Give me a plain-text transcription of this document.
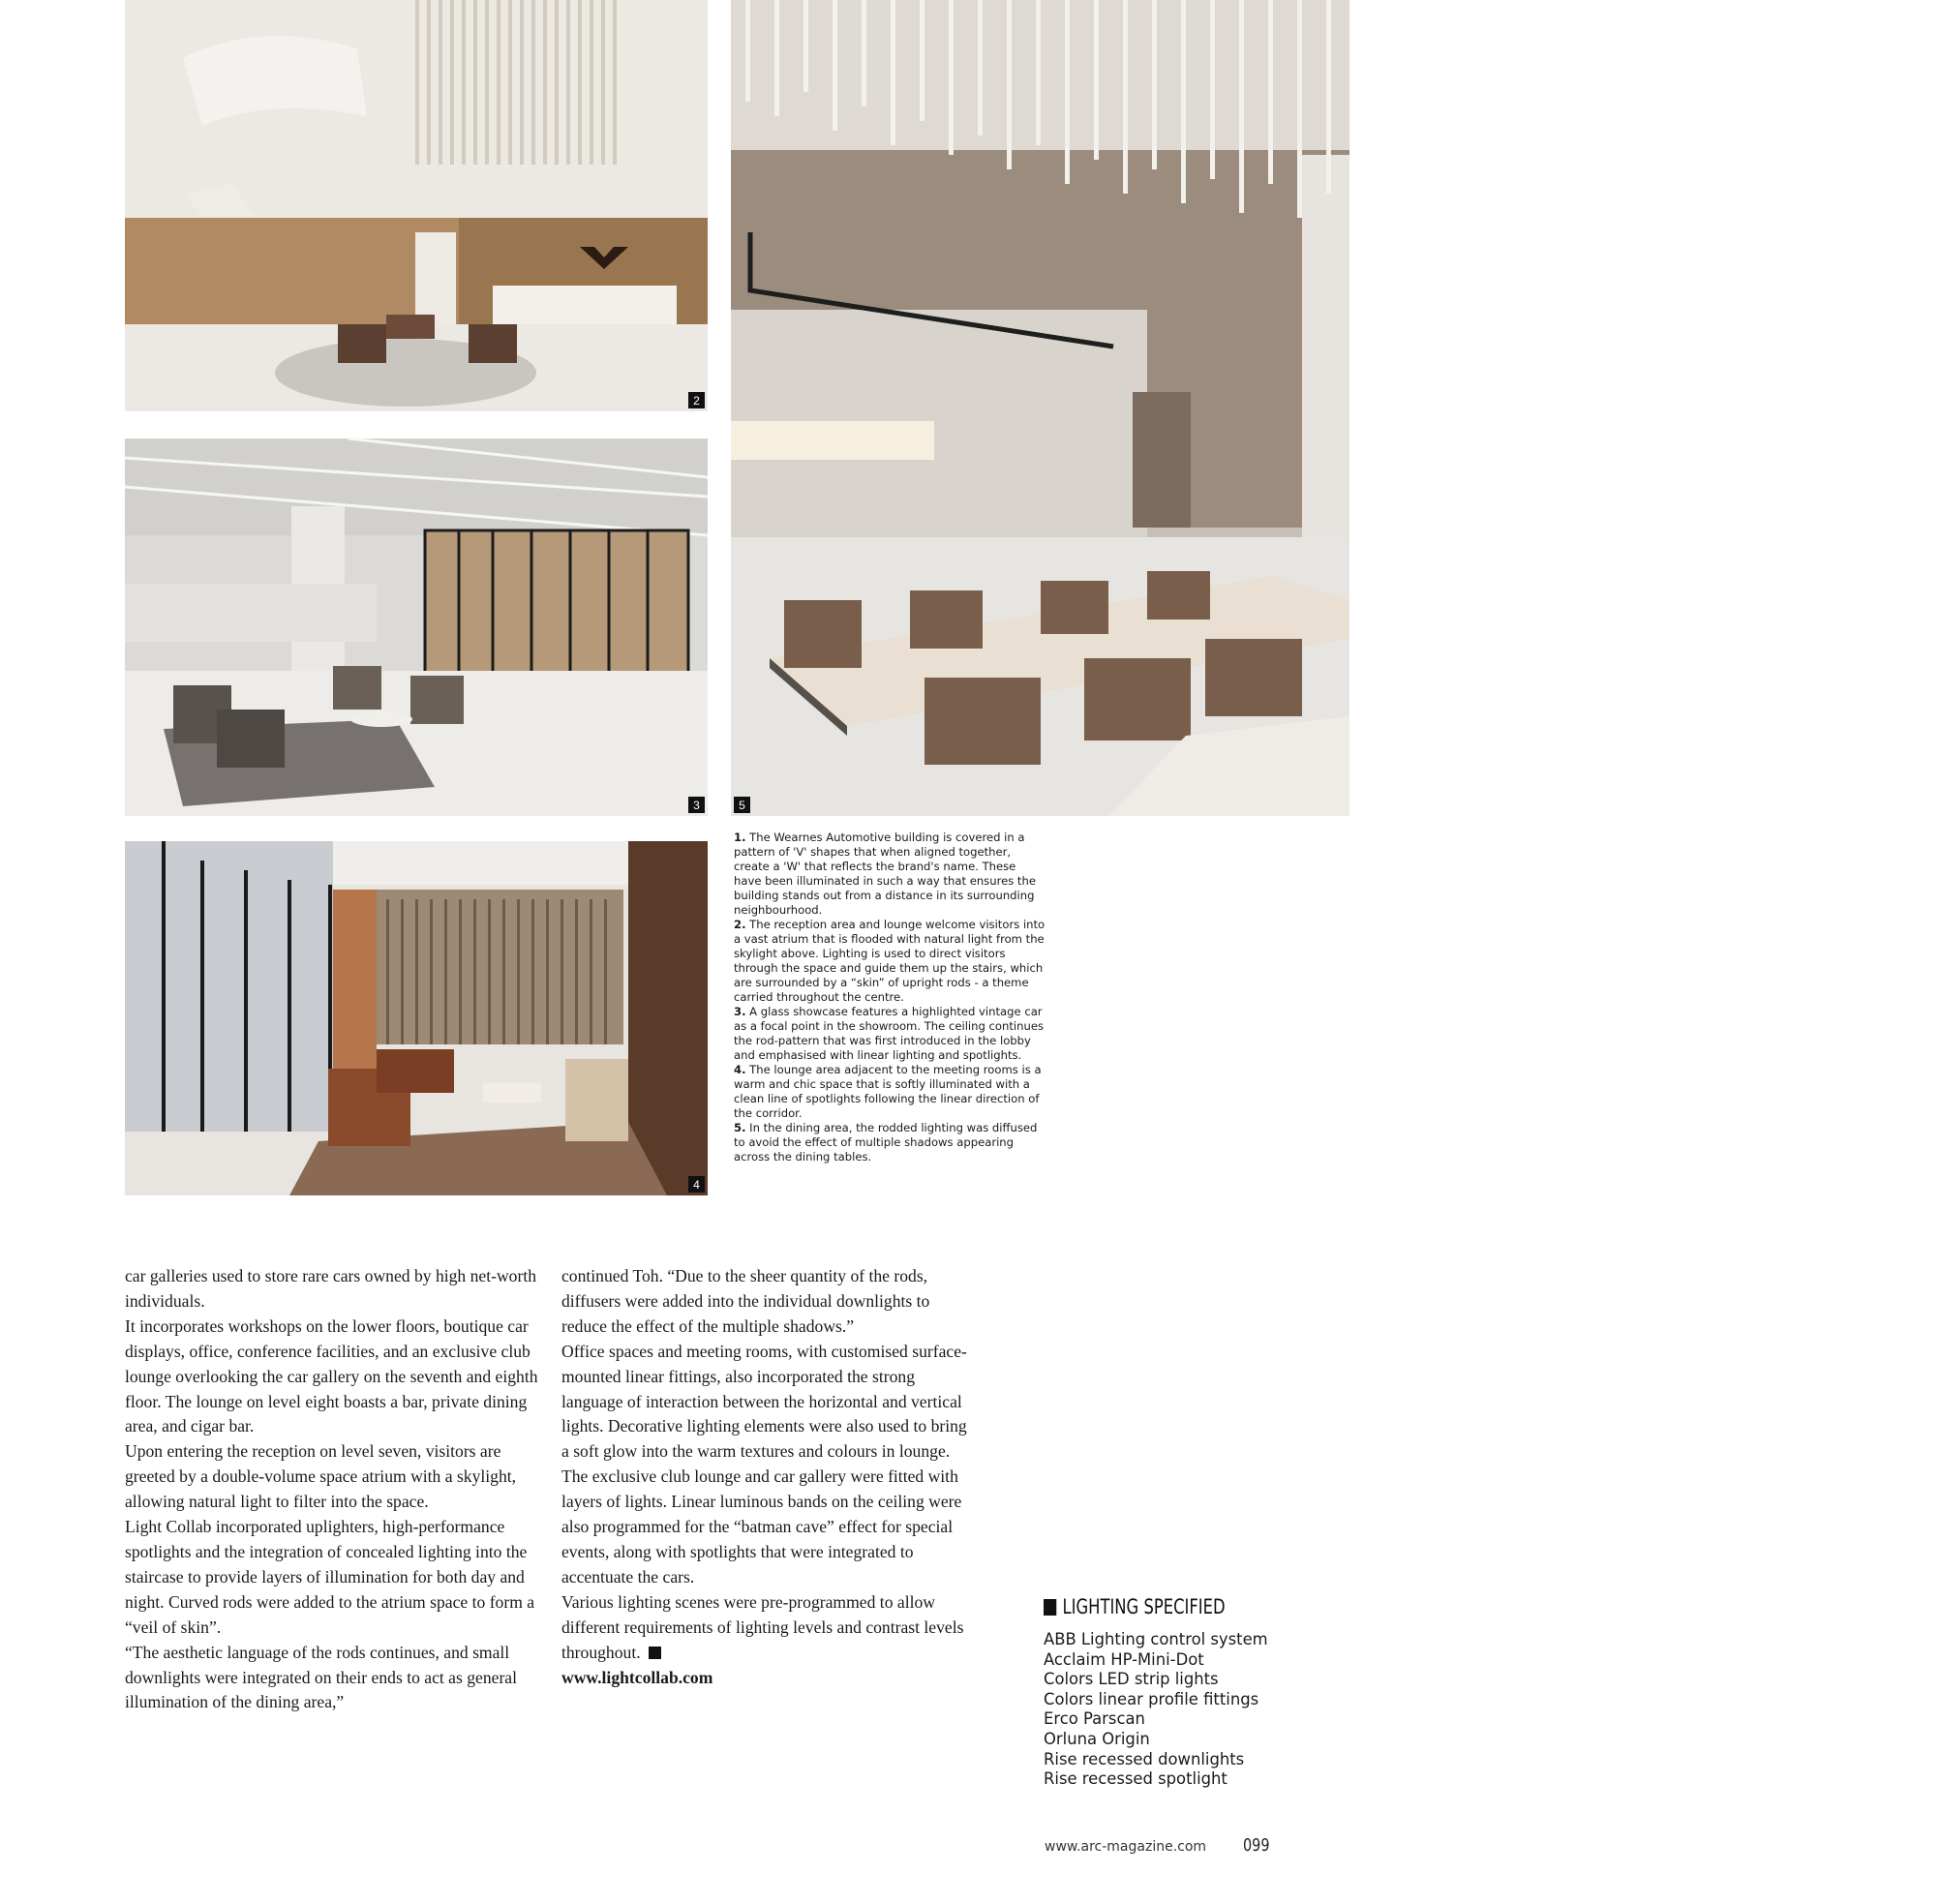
2
3
4
FAR EAST FOCUS
5

1. The Wearnes Automotive building is covered in a pattern of 'V' shapes that when aligned together, create a 'W' that reflects the brand's name. These have been illuminated in such a way that ensures the building stands out from a distance in its surrounding neighbourhood.

2. The reception area and lounge welcome visitors into a vast atrium that is flooded with natural light from the skylight above. Lighting is used to direct visitors through the space and guide them up the stairs, which are surrounded by a “skin” of upright rods - a theme carried throughout the centre.

3. A glass showcase features a highlighted vintage car as a focal point in the showroom. The ceiling continues the rod-pattern that was first introduced in the lobby and emphasised with linear lighting and spotlights.

4. The lounge area adjacent to the meeting rooms is a warm and chic space that is softly illuminated with a clean line of spotlights following the linear direction of the corridor.

5. In the dining area, the rodded lighting was diffused to avoid the effect of multiple shadows appearing across the dining tables.

car galleries used to store rare cars owned by high net-worth individuals.

It incorporates workshops on the lower floors, boutique car displays, office, conference facilities, and an exclusive club lounge overlooking the car gallery on the seventh and eighth floor. The lounge on level eight boasts a bar, private dining area, and cigar bar.

Upon entering the reception on level seven, visitors are greeted by a double-volume space atrium with a skylight, allowing natural light to filter into the space.

Light Collab incorporated uplighters, high-performance spotlights and the integration of concealed lighting into the staircase to provide layers of illumination for both day and night. Curved rods were added to the atrium space to form a “veil of skin”.

“The aesthetic language of the rods continues, and small downlights were integrated on their ends to act as general illumination of the dining area,”

continued Toh. “Due to the sheer quantity of the rods, diffusers were added into the individual downlights to reduce the effect of the multiple shadows.”

Office spaces and meeting rooms, with customised surface-mounted linear fittings, also incorporated the strong language of interaction between the horizontal and vertical lights. Decorative lighting elements were also used to bring a soft glow into the warm textures and colours in lounge.

The exclusive club lounge and car gallery were fitted with layers of lights. Linear luminous bands on the ceiling were also programmed for the “batman cave” effect for special events, along with spotlights that were integrated to accentuate the cars.

Various lighting scenes were pre-programmed to allow different requirements of lighting levels and contrast levels throughout.

www.lightcollab.com

LIGHTING SPECIFIED
ABB Lighting control system
Acclaim HP-Mini-Dot
Colors LED strip lights
Colors linear profile fittings
Erco Parscan
Orluna Origin
Rise recessed downlights
Rise recessed spotlight
www.arc-magazine.com 099
